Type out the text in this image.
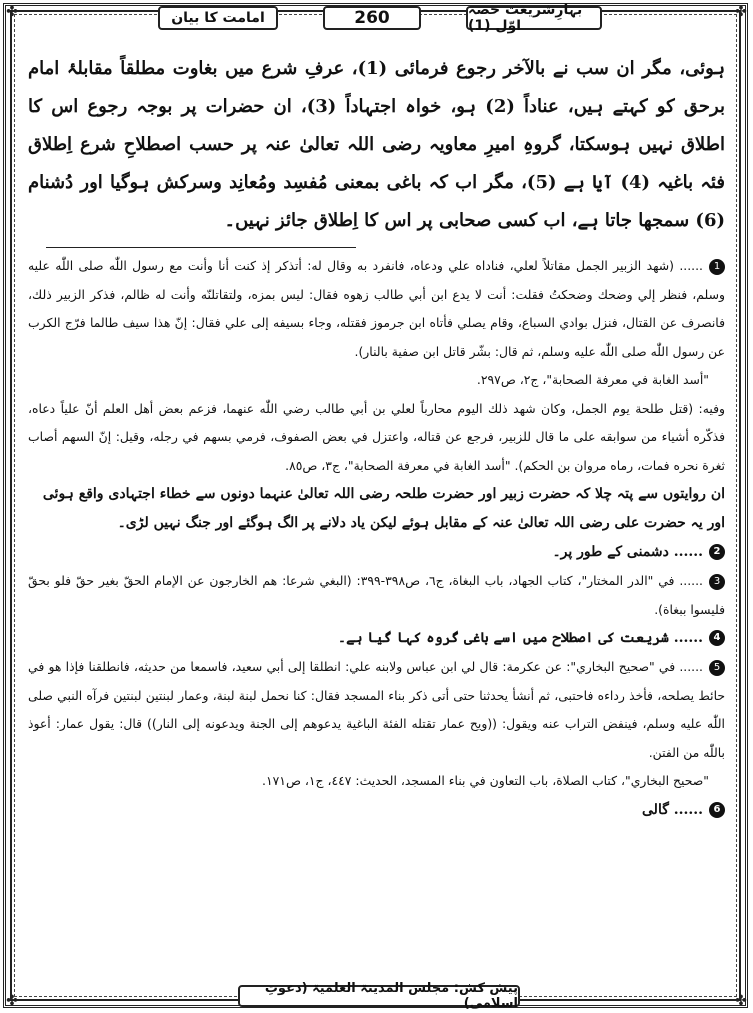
✤	✤
✤	✤
امامت کا بیان	260	بہارِشریعت حصہ اوّل (1)

ہوئی، مگر ان سب نے بالآخر رجوع فرمائی (1)، عرفِ شرع میں بغاوت مطلقاً مقابلۂ امام برحق کو کہتے ہیں، عناداً (2) ہو، خواہ اجتہاداً (3)، ان حضرات پر بوجہ رجوع اس کا اطلاق نہیں ہوسکتا، گروہِ امیرِ معاویہ رضی اللہ تعالیٰ عنہ پر حسب اصطلاحِ شرع اِطلاق فئہ باغیہ (4) آیا ہے (5)، مگر اب کہ باغی بمعنی مُفسِد ومُعانِد وسرکش ہوگیا اور دُشنام (6) سمجھا جاتا ہے، اب کسی صحابی پر اس کا اِطلاق جائز نہیں۔

1...... (شهد الزبير الجمل مقاتلاً لعلي، فناداه علي ودعاه، فانفرد به وقال له: أتذكر إذ كنت أنا وأنت مع رسول اللّٰه صلى اللّٰه عليه وسلم، فنظر إلي وضحك وضحكتُ فقلت: أنت لا يدع ابن أبي طالب زهوه فقال: ليس بمزه، ولتقاتلنّه وأنت له ظالم، فذكر الزبير ذلك، فانصرف عن القتال، فنزل بوادي السباع، وقام يصلي فأتاه ابن جرموز فقتله، وجاء بسيفه إلى علي فقال: إنّ هذا سيف طالما فرّج الكرب عن رسول اللّٰه صلى اللّٰه عليه وسلم، ثم قال: بشّر قاتل ابن صفية بالنار).
"أسد الغابة في معرفة الصحابة"، ج٢، ص٢٩٧.
وفيه: (قتل طلحة يوم الجمل، وكان شهد ذلك اليوم محارباً لعلي بن أبي طالب رضي اللّٰه عنهما، فزعم بعض أهل العلم أنّ علياً دعاه، فذكّره أشياء من سوابقه على ما قال للزبير، فرجع عن قتاله، واعتزل في بعض الصفوف، فرمي بسهم في رجله، وقيل: إنّ السهم أصاب ثغرة نحره فمات، رماه مروان بن الحكم). "أسد الغابة في معرفة الصحابة"، ج٣، ص٨٥.
ان روایتوں سے پتہ چلا کہ حضرت زبیر اور حضرت طلحہ رضی اللہ تعالیٰ عنہما دونوں سے خطاء اجتہادی واقع ہوئی اور یہ حضرت علی رضی اللہ تعالیٰ عنہ کے مقابل ہوئے لیکن یاد دلانے پر الگ ہوگئے اور جنگ نہیں لڑی۔
2...... دشمنی کے طور پر۔
3...... في "الدر المختار"، كتاب الجهاد، باب البغاة، ج٦، ص٣٩٨-٣٩٩: (البغي شرعا: هم الخارجون عن الإمام الحقّ بغير حقّ فلو بحقّ فليسوا ببغاة).
4...... شریعت کی اصطلاح میں اسے باغی گروہ کہا گیا ہے۔
5...... في "صحيح البخاري": عن عكرمة: قال لي ابن عباس ولابنه علي: انطلقا إلى أبي سعيد، فاسمعا من حديثه، فانطلقنا فإذا هو في حائط يصلحه، فأخذ رداءه فاحتبى، ثم أنشأ يحدثنا حتى أتى ذكر بناء المسجد فقال: كنا نحمل لبنة لبنة، وعمار لبنتين لبنتين فرآه النبي صلى اللّٰه عليه وسلم، فينفض التراب عنه ويقول: ((ويح عمار تقتله الفئة الباغية يدعوهم إلى الجنة ويدعونه إلى النار)) قال: يقول عمار: أعوذ باللّٰه من الفتن.
"صحيح البخاري"، كتاب الصلاة، باب التعاون في بناء المسجد، الحديث: ٤٤٧، ج١، ص١٧١.
6...... گالی
پیش کش: مجلس المدینۃ العلمیۃ (دعوتِ اسلامی)
